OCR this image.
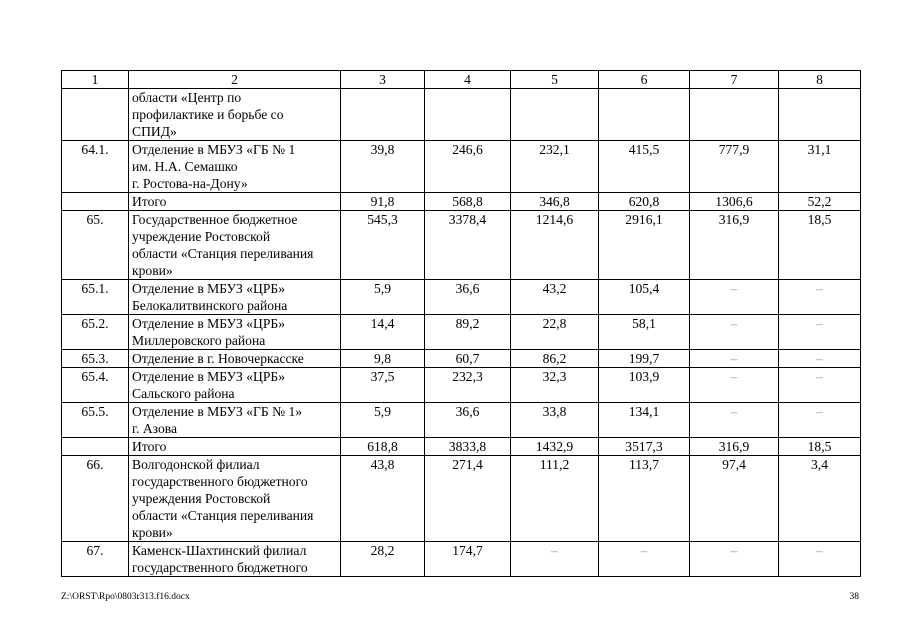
1	2	3	4	5	6	7	8

	области «Центр по
профилактике и борьбе со
СПИД»						

64.1.	Отделение в МБУЗ «ГБ № 1
им. Н.А. Семашко
г. Ростова-на-Дону»	39,8	246,6	232,1	415,5	777,9	31,1

	Итого	91,8	568,8	346,8	620,8	1306,6	52,2
65.	Государственное бюджетное
учреждение Ростовской
области «Станция переливания
крови»	545,3	3378,4	1214,6	2916,1	316,9	18,5
65.1.	Отделение в МБУЗ «ЦРБ»
Белокалитвинского района	5,9	36,6	43,2	105,4	–	–
65.2.	Отделение в МБУЗ «ЦРБ»
Миллеровского района	14,4	89,2	22,8	58,1	–	–
65.3.	Отделение в г. Новочеркасске	9,8	60,7	86,2	199,7	–	–
65.4.	Отделение в МБУЗ «ЦРБ»
Сальского района	37,5	232,3	32,3	103,9	–	–
65.5.	Отделение в МБУЗ «ГБ № 1»
г. Азова	5,9	36,6	33,8	134,1	–	–

	Итого	618,8	3833,8	1432,9	3517,3	316,9	18,5
66.	Волгодонской филиал
государственного бюджетного
учреждения Ростовской
области «Станция переливания
крови»	43,8	271,4	111,2	113,7	97,4	3,4
67.	Каменск-Шахтинский филиал
государственного бюджетного	28,2	174,7	–	–	–	–
Z:\ORST\Rpo\0803r313.f16.docx	38
